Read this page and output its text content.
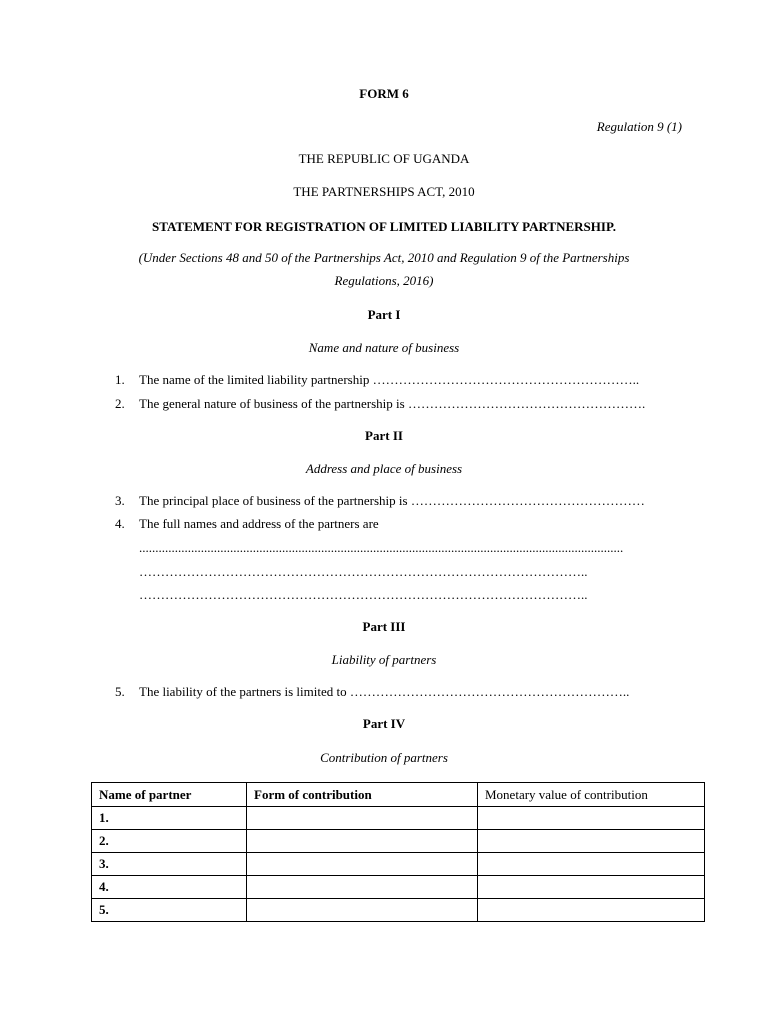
FORM 6
Regulation 9 (1)
THE REPUBLIC OF UGANDA
THE PARTNERSHIPS ACT, 2010
STATEMENT FOR REGISTRATION OF LIMITED LIABILITY PARTNERSHIP.
(Under Sections 48 and 50 of the Partnerships Act, 2010 and Regulation 9 of the Partnerships
Regulations, 2016)
Part I
Name and nature of business
1. The name of the limited liability partnership ……………………………………………………..
2. The general nature of business of the partnership is ……………………………………………….
Part II
Address and place of business
3. The principal place of business of the partnership is ………………………………………………
4. The full names and address of the partners are
.....................................................................................................................................................
…………………………………………………………………………………………..
…………………………………………………………………………………………..
Part III
Liability of partners
5. The liability of the partners is limited to ………………………………………………………..
Part IV
Contribution of partners
Name of partner	Form of contribution	Monetary value of contribution
1.		
2.		
3.		
4.		
5.		
